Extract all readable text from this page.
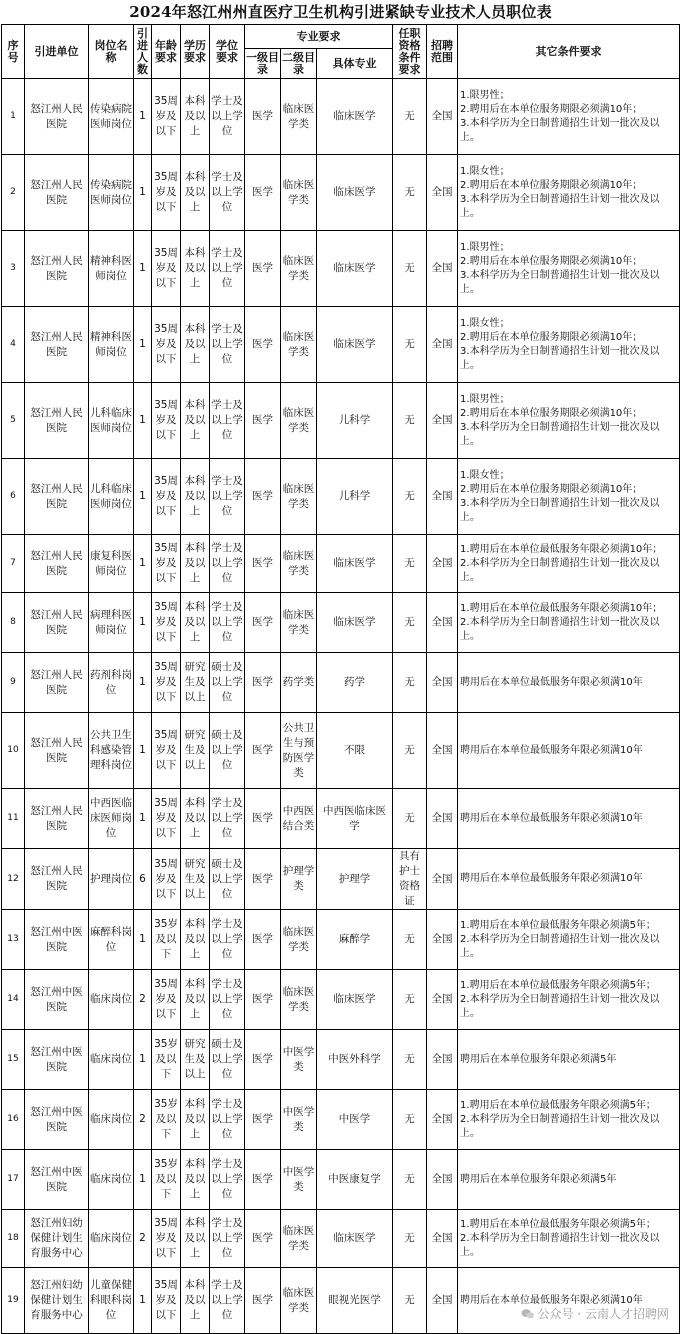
2024年怒江州州直医疗卫生机构引进紧缺专业技术人员职位表
序号	引进单位	岗位名称	引进人数	年龄要求	学历要求	学位要求	专业要求			任职资格条件要求	招聘范围	其它条件要求
							一级目录	二级目录	具体专业			
1	怒江州人民医院	传染病院医师岗位	1	35周岁及以下	本科及以上	学士及以上学位	医学	临床医学类	临床医学	无	全国	1.限男性；
2.聘用后在本单位服务期限必须满10年；
3.本科学历为全日制普通招生计划一批次及以上。
2	怒江州人民医院	传染病院医师岗位	1	35周岁及以下	本科及以上	学士及以上学位	医学	临床医学类	临床医学	无	全国	1.限女性；
2.聘用后在本单位服务期限必须满10年；
3.本科学历为全日制普通招生计划一批次及以上。
3	怒江州人民医院	精神科医师岗位	1	35周岁及以下	本科及以上	学士及以上学位	医学	临床医学类	临床医学	无	全国	1.限男性；
2.聘用后在本单位服务期限必须满10年；
3.本科学历为全日制普通招生计划一批次及以上。
4	怒江州人民医院	精神科医师岗位	1	35周岁及以下	本科及以上	学士及以上学位	医学	临床医学类	临床医学	无	全国	1.限女性；
2.聘用后在本单位服务期限必须满10年；
3.本科学历为全日制普通招生计划一批次及以上。
5	怒江州人民医院	儿科临床医师岗位	1	35周岁及以下	本科及以上	学士及以上学位	医学	临床医学类	儿科学	无	全国	1.限男性；
2.聘用后在本单位服务期限必须满10年；
3.本科学历为全日制普通招生计划一批次及以上。
6	怒江州人民医院	儿科临床医师岗位	1	35周岁及以下	本科及以上	学士及以上学位	医学	临床医学类	儿科学	无	全国	1.限女性；
2.聘用后在本单位服务期限必须满10年；
3.本科学历为全日制普通招生计划一批次及以上。
7	怒江州人民医院	康复科医师岗位	1	35周岁及以下	本科及以上	学士及以上学位	医学	临床医学类	临床医学	无	全国	1.聘用后在本单位最低服务年限必须满10年；
2.本科学历为全日制普通招生计划一批次及以上。
8	怒江州人民医院	病理科医师岗位	1	35周岁及以下	本科及以上	学士及以上学位	医学	临床医学类	临床医学	无	全国	1.聘用后在本单位最低服务年限必须满10年；
2.本科学历为全日制普通招生计划一批次及以上。
9	怒江州人民医院	药剂科岗位	1	35周岁及以下	研究生及以上	硕士及以上学位	医学	药学类	药学	无	全国	聘用后在本单位最低服务年限必须满10年
10	怒江州人民医院	公共卫生科感染管理科岗位	1	35周岁及以下	研究生及以上	硕士及以上学位	医学	公共卫生与预防医学类	不限	无	全国	聘用后在本单位最低服务年限必须满10年
11	怒江州人民医院	中西医临床医师岗位	1	35周岁及以下	本科及以上	学士及以上学位	医学	中西医结合类	中西医临床医学	无	全国	聘用后在本单位最低服务年限必须满10年
12	怒江州人民医院	护理岗位	6	35周岁及以下	研究生及以上	硕士及以上学位	医学	护理学类	护理学	具有护士资格证	全国	聘用后在本单位最低服务年限必须满10年
13	怒江州中医医院	麻醉科岗位	1	35岁及以下	本科及以上	学士及以上学位	医学	临床医学类	麻醉学	无	全国	1.聘用后在本单位最低服务年限必须满5年；
2.本科学历为全日制普通招生计划一批次及以上。
14	怒江州中医医院	临床岗位	2	35周岁及以下	本科及以上	学士及以上学位	医学	临床医学类	临床医学	无	全国	1.聘用后在本单位最低服务年限必须满5年；
2.本科学历为全日制普通招生计划一批次及以上。
15	怒江州中医医院	临床岗位	1	35岁及以下	研究生及以上	硕士及以上学位	医学	中医学类	中医外科学	无	全国	聘用后在本单位服务年限必须满5年
16	怒江州中医医院	临床岗位	2	35岁及以下	本科及以上	学士及以上学位	医学	中医学类	中医学	无	全国	1.聘用后在本单位最低服务年限必须满5年；
2.本科学历为全日制普通招生计划一批次及以上。
17	怒江州中医医院	临床岗位	1	35岁及以下	本科及以上	学士及以上学位	医学	中医学类	中医康复学	无	全国	聘用后在本单位服务年限必须满5年
18	怒江州妇幼保健计划生育服务中心	临床岗位	2	35周岁及以下	本科及以上	学士及以上学位	医学	临床医学类	临床医学	无	全国	1.聘用后在本单位最低服务年限必须满5年；
2.本科学历为全日制普通招生计划一批次及以上。
19	怒江州妇幼保健计划生育服务中心	儿童保健科眼科岗位	1	35周岁及以下	本科及以上	学士及以上学位	医学	临床医学类	眼视光医学	无	全国	聘用后在本单位最低服务年限必须满10年
公众号 · 云南人才招聘网
